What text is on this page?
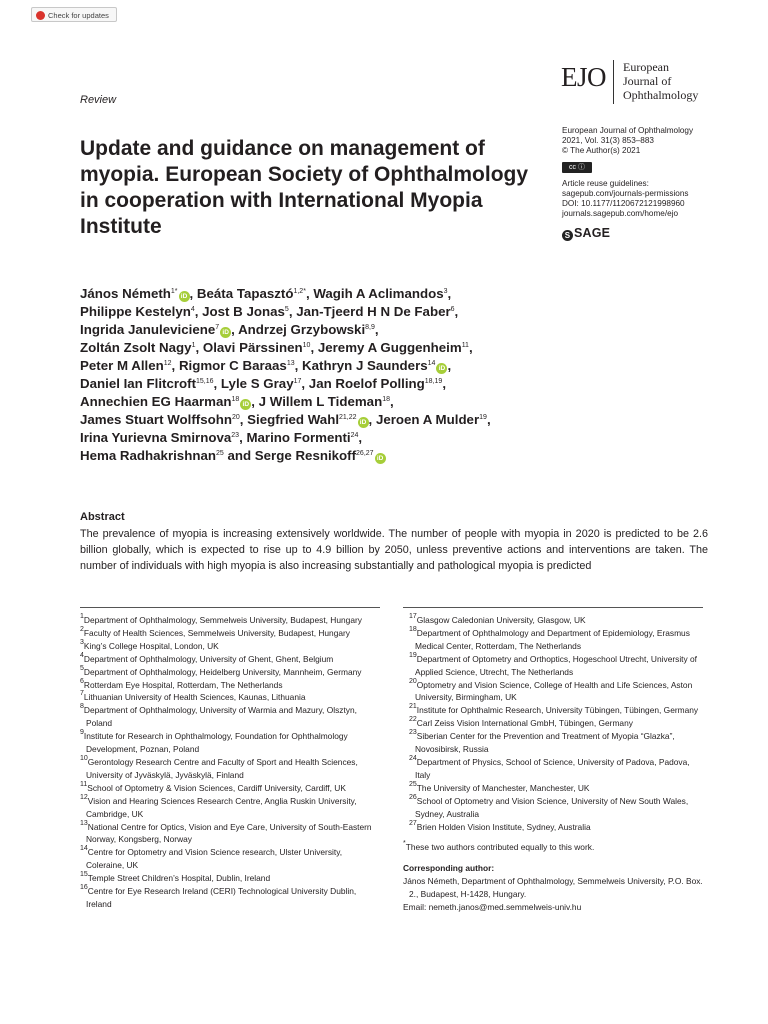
Check for updates
Review
EJO European
Journal of
Ophthalmology
European Journal of Ophthalmology
2021, Vol. 31(3) 853–883
© The Author(s) 2021
cc ⓘ
Article reuse guidelines:
sagepub.com/journals-permissions
DOI: 10.1177/1120672121998960
journals.sagepub.com/home/ejo
S SAGE
Update and guidance on management of myopia. European Society of Ophthalmology in cooperation with International Myopia Institute
János Németh$^{1*}$iD , Beáta Tapasztó$^{1,2*}$, Wagih A Aclimandos$^3$,
Philippe Kestelyn$^4$, Jost B Jonas$^5$, Jan-Tjeerd H N De Faber$^6$,
Ingrida Januleviciene$^7$iD , Andrzej Grzybowski$^{8,9}$,
Zoltán Zsolt Nagy$^1$, Olavi Pärssinen$^{10}$, Jeremy A Guggenheim$^{11}$,
Peter M Allen$^{12}$, Rigmor C Baraas$^{13}$, Kathryn J Saunders$^{14}$iD ,
Daniel Ian Flitcroft$^{15,16}$, Lyle S Gray$^{17}$, Jan Roelof Polling$^{18,19}$,
Annechien EG Haarman$^{18}$iD , J Willem L Tideman$^{18}$,
James Stuart Wolffsohn$^{20}$, Siegfried Wahl$^{21,22}$iD , Jeroen A Mulder$^{19}$,
Irina Yurievna Smirnova$^{23}$, Marino Formenti$^{24}$,
Hema Radhakrishnan$^{25}$ and Serge Resnikoff$^{26,27}$iD
Abstract
The prevalence of myopia is increasing extensively worldwide. The number of people with myopia in 2020 is predicted to be 2.6 billion globally, which is expected to rise up to 4.9 billion by 2050, unless preventive actions and interventions are taken. The number of individuals with high myopia is also increasing substantially and pathological myopia is predicted
$^1$Department of Ophthalmology, Semmelweis University, Budapest, Hungary
$^2$Faculty of Health Sciences, Semmelweis University, Budapest, Hungary
$^3$King’s College Hospital, London, UK
$^4$Department of Ophthalmology, University of Ghent, Ghent, Belgium
$^5$Department of Ophthalmology, Heidelberg University, Mannheim, Germany
$^6$Rotterdam Eye Hospital, Rotterdam, The Netherlands
$^7$Lithuanian University of Health Sciences, Kaunas, Lithuania
$^8$Department of Ophthalmology, University of Warmia and Mazury, Olsztyn, Poland
$^9$Institute for Research in Ophthalmology, Foundation for Ophthalmology Development, Poznan, Poland
$^{10}$Gerontology Research Centre and Faculty of Sport and Health Sciences, University of Jyväskylä, Jyväskylä, Finland
$^{11}$School of Optometry & Vision Sciences, Cardiff University, Cardiff, UK
$^{12}$Vision and Hearing Sciences Research Centre, Anglia Ruskin University, Cambridge, UK
$^{13}$National Centre for Optics, Vision and Eye Care, University of South-Eastern Norway, Kongsberg, Norway
$^{14}$Centre for Optometry and Vision Science research, Ulster University, Coleraine, UK
$^{15}$Temple Street Children’s Hospital, Dublin, Ireland
$^{16}$Centre for Eye Research Ireland (CERI) Technological University Dublin, Ireland
$^{17}$Glasgow Caledonian University, Glasgow, UK
$^{18}$Department of Ophthalmology and Department of Epidemiology, Erasmus Medical Center, Rotterdam, The Netherlands
$^{19}$Department of Optometry and Orthoptics, Hogeschool Utrecht, University of Applied Science, Utrecht, The Netherlands
$^{20}$Optometry and Vision Science, College of Health and Life Sciences, Aston University, Birmingham, UK
$^{21}$Institute for Ophthalmic Research, University Tübingen, Tübingen, Germany
$^{22}$Carl Zeiss Vision International GmbH, Tübingen, Germany
$^{23}$Siberian Center for the Prevention and Treatment of Myopia “Glazka”, Novosibirsk, Russia
$^{24}$Department of Physics, School of Science, University of Padova, Padova, Italy
$^{25}$The University of Manchester, Manchester, UK
$^{26}$School of Optometry and Vision Science, University of New South Wales, Sydney, Australia
$^{27}$Brien Holden Vision Institute, Sydney, Australia
*These two authors contributed equally to this work.
Corresponding author:
János Németh, Department of Ophthalmology, Semmelweis University, P.O. Box. 2., Budapest, H-1428, Hungary.
Email: nemeth.janos@med.semmelweis-univ.hu
